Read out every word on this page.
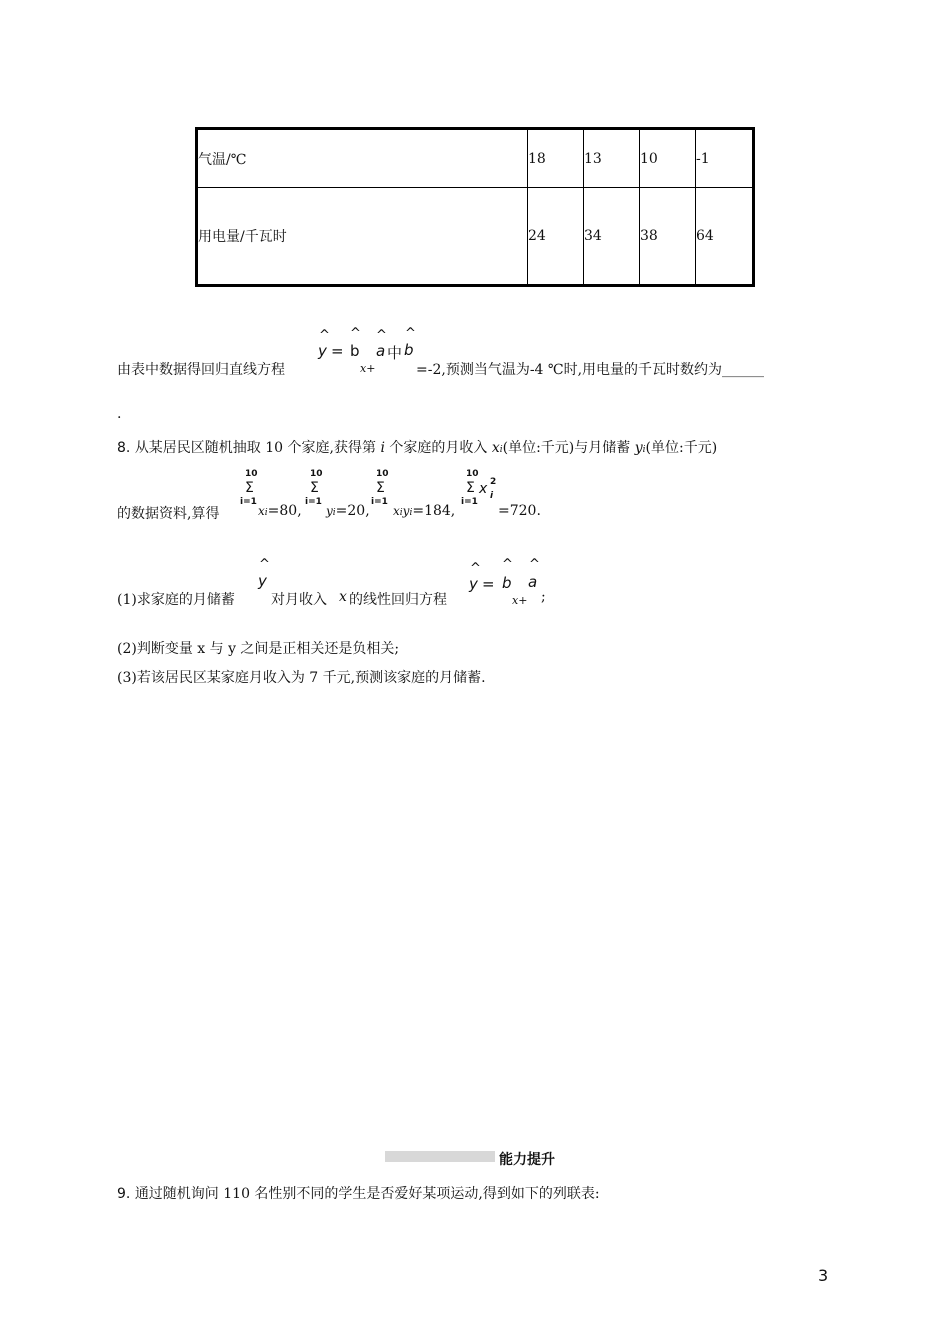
气温/℃	18	13	10	-1
用电量/千瓦时	24	34	38	64
由表中数据得回归直线方程
^
y =
^
b
x+
^
a 中
^
b
=-2,预测当气温为-4 ℃时,用电量的千瓦时数约为______
.
8. 从某居民区随机抽取 10 个家庭,获得第 i 个家庭的月收入 xi(单位:千元)与月储蓄 yi(单位:千元)
的数据资料,算得
10
Σ
i=1
xi=80,
10
Σ
i=1
yi=20,
10
Σ
i=1
xiyi=184,
10
Σ
i=1
x 2
i
=720.
(1)求家庭的月储蓄
^
y
对月收入 x 的线性回归方程
^
y =
^
b
x+
^
a
;
(2)判断变量 x 与 y 之间是正相关还是负相关;
(3)若该居民区某家庭月收入为 7 千元,预测该家庭的月储蓄.
能力提升
9. 通过随机询问 110 名性别不同的学生是否爱好某项运动,得到如下的列联表:
3
